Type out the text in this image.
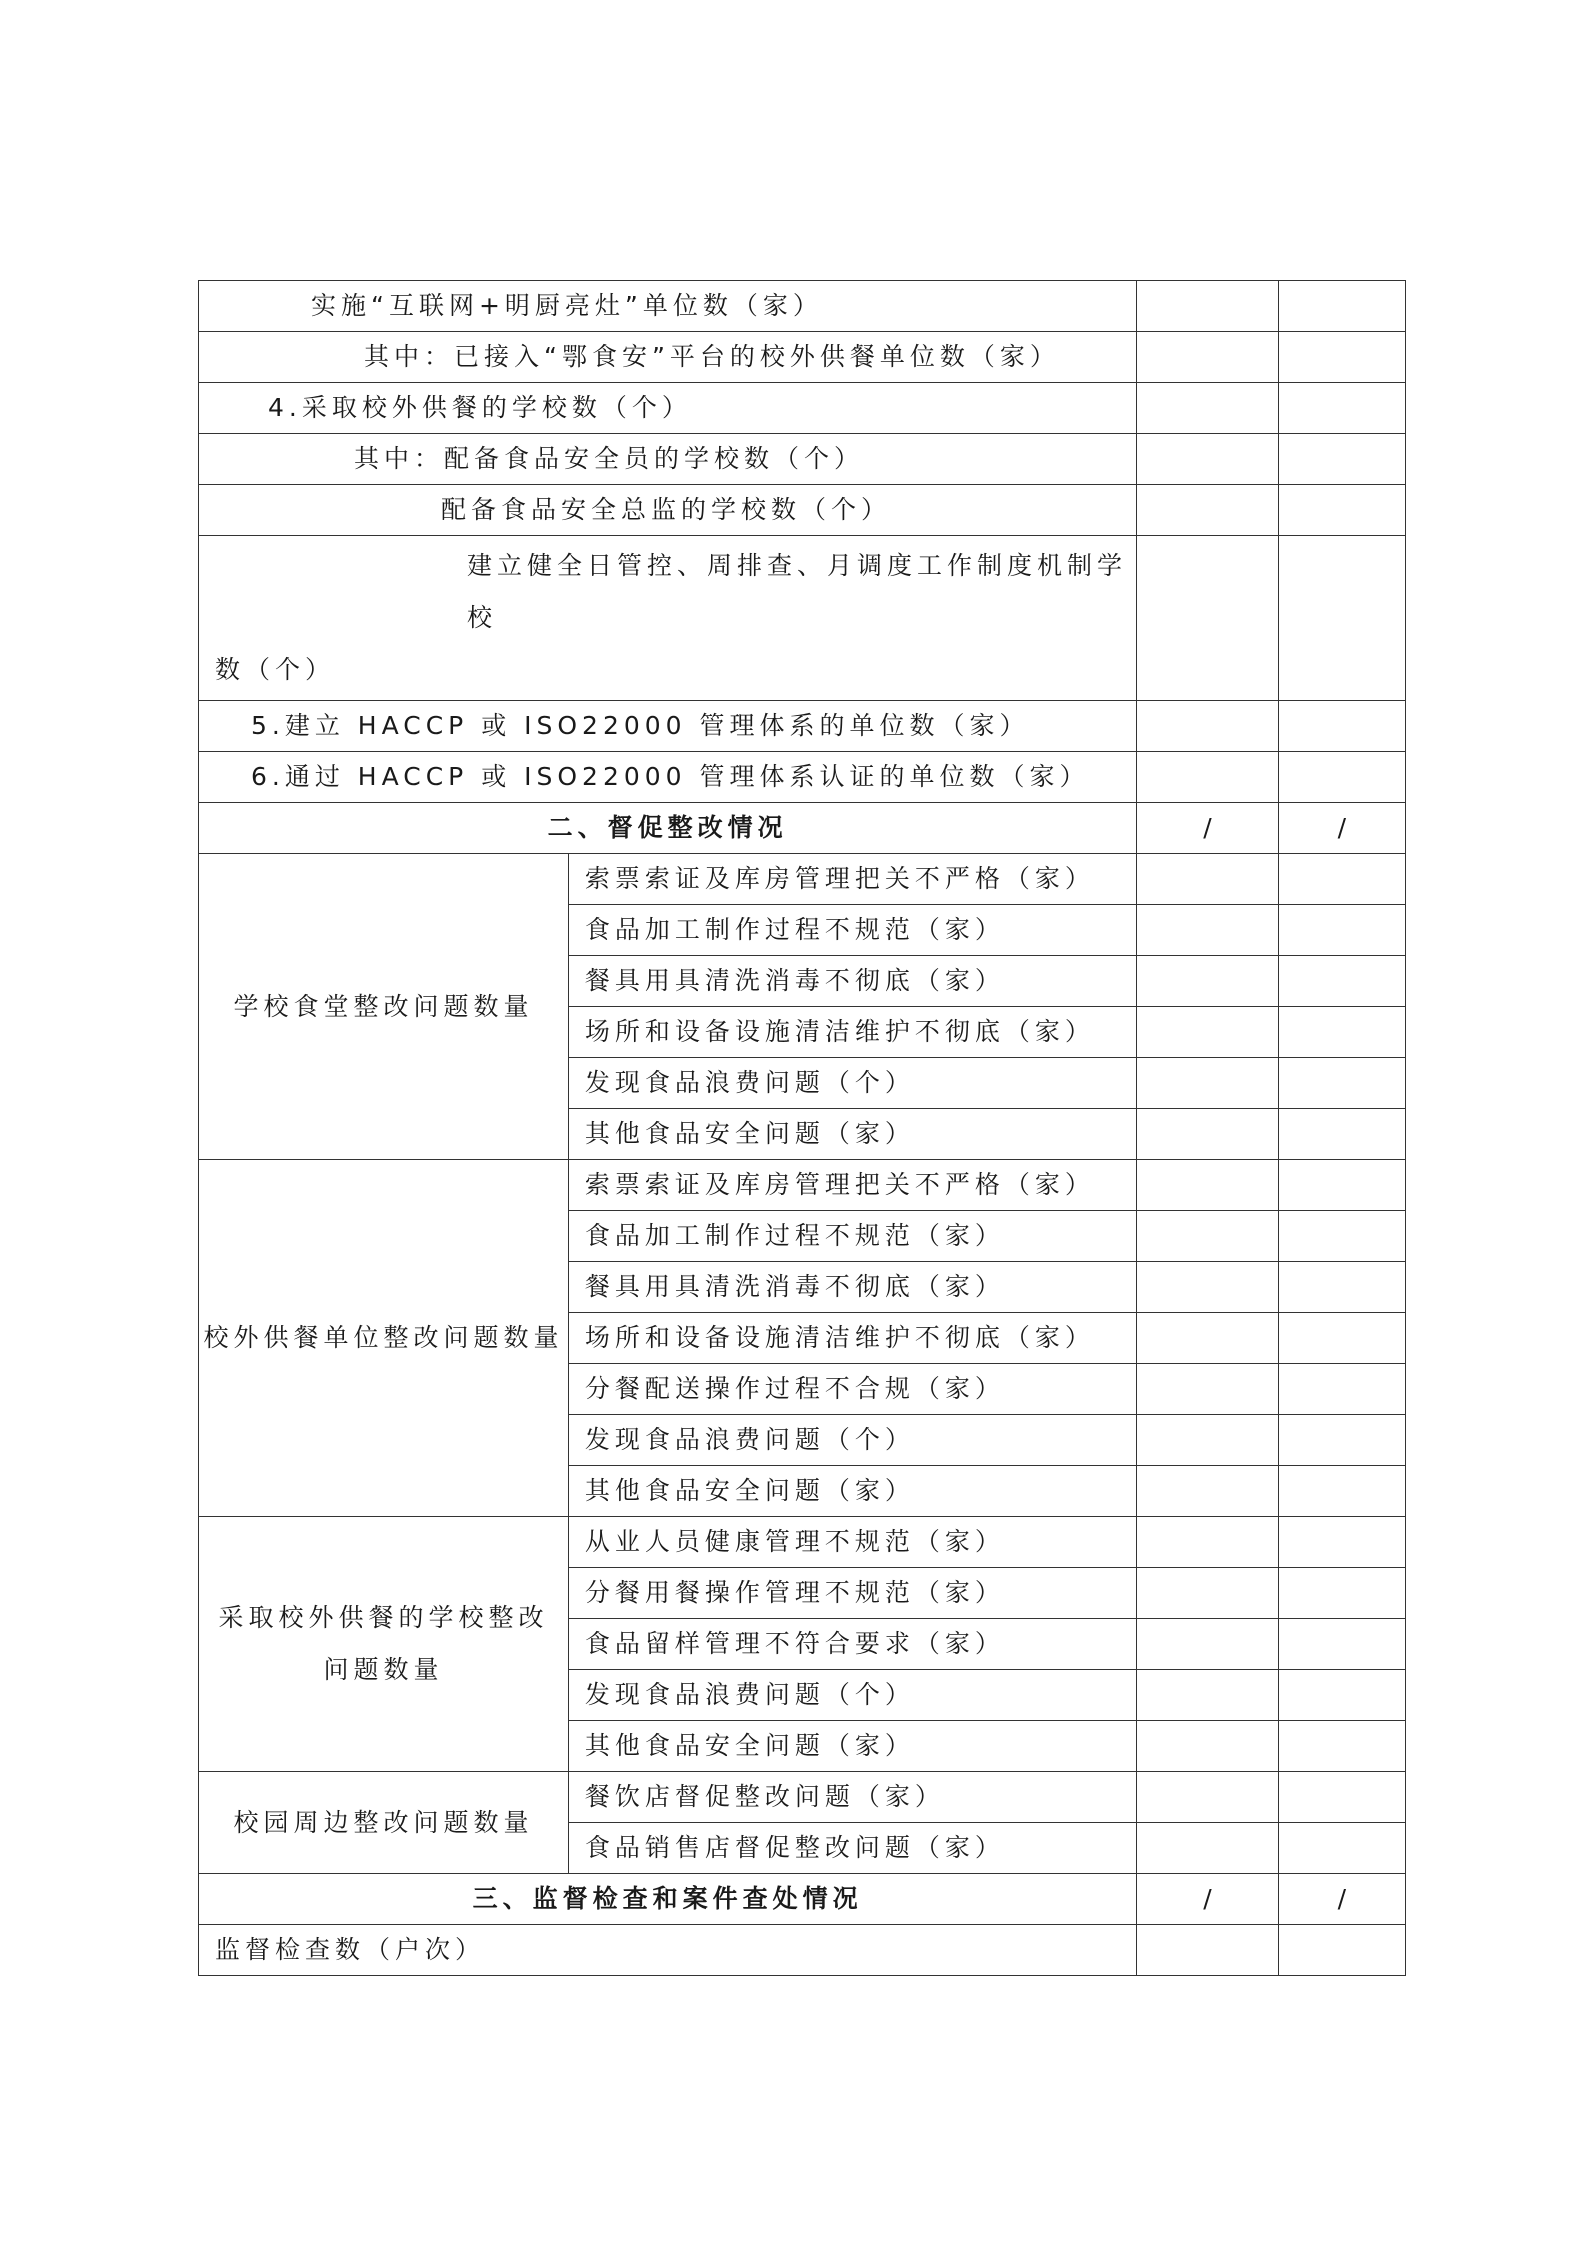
实施“互联网+明厨亮灶”单位数（家）			
其中：已接入“鄂食安”平台的校外供餐单位数（家）			
4.采取校外供餐的学校数（个）			
其中：配备食品安全员的学校数（个）			
配备食品安全总监的学校数（个）			

建立健全日管控、周排查、月调度工作制度机制学校
数（个）			

5.建立 HACCP 或 ISO22000 管理体系的单位数（家）			
6.通过 HACCP 或 ISO22000 管理体系认证的单位数（家）			
二、督促整改情况		/	/
学校食堂整改问题数量	索票索证及库房管理把关不严格（家）		
	食品加工制作过程不规范（家）		
	餐具用具清洗消毒不彻底（家）		
	场所和设备设施清洁维护不彻底（家）		
	发现食品浪费问题（个）		
	其他食品安全问题（家）		
校外供餐单位整改问题数量	索票索证及库房管理把关不严格（家）		
	食品加工制作过程不规范（家）		
	餐具用具清洗消毒不彻底（家）		
	场所和设备设施清洁维护不彻底（家）		
	分餐配送操作过程不合规（家）		
	发现食品浪费问题（个）		
	其他食品安全问题（家）		
采取校外供餐的学校整改问题数量	从业人员健康管理不规范（家）		
	分餐用餐操作管理不规范（家）		
	食品留样管理不符合要求（家）		
	发现食品浪费问题（个）		
	其他食品安全问题（家）		
校园周边整改问题数量	餐饮店督促整改问题（家）		
	食品销售店督促整改问题（家）		
三、监督检查和案件查处情况		/	/
监督检查数（户次）			
